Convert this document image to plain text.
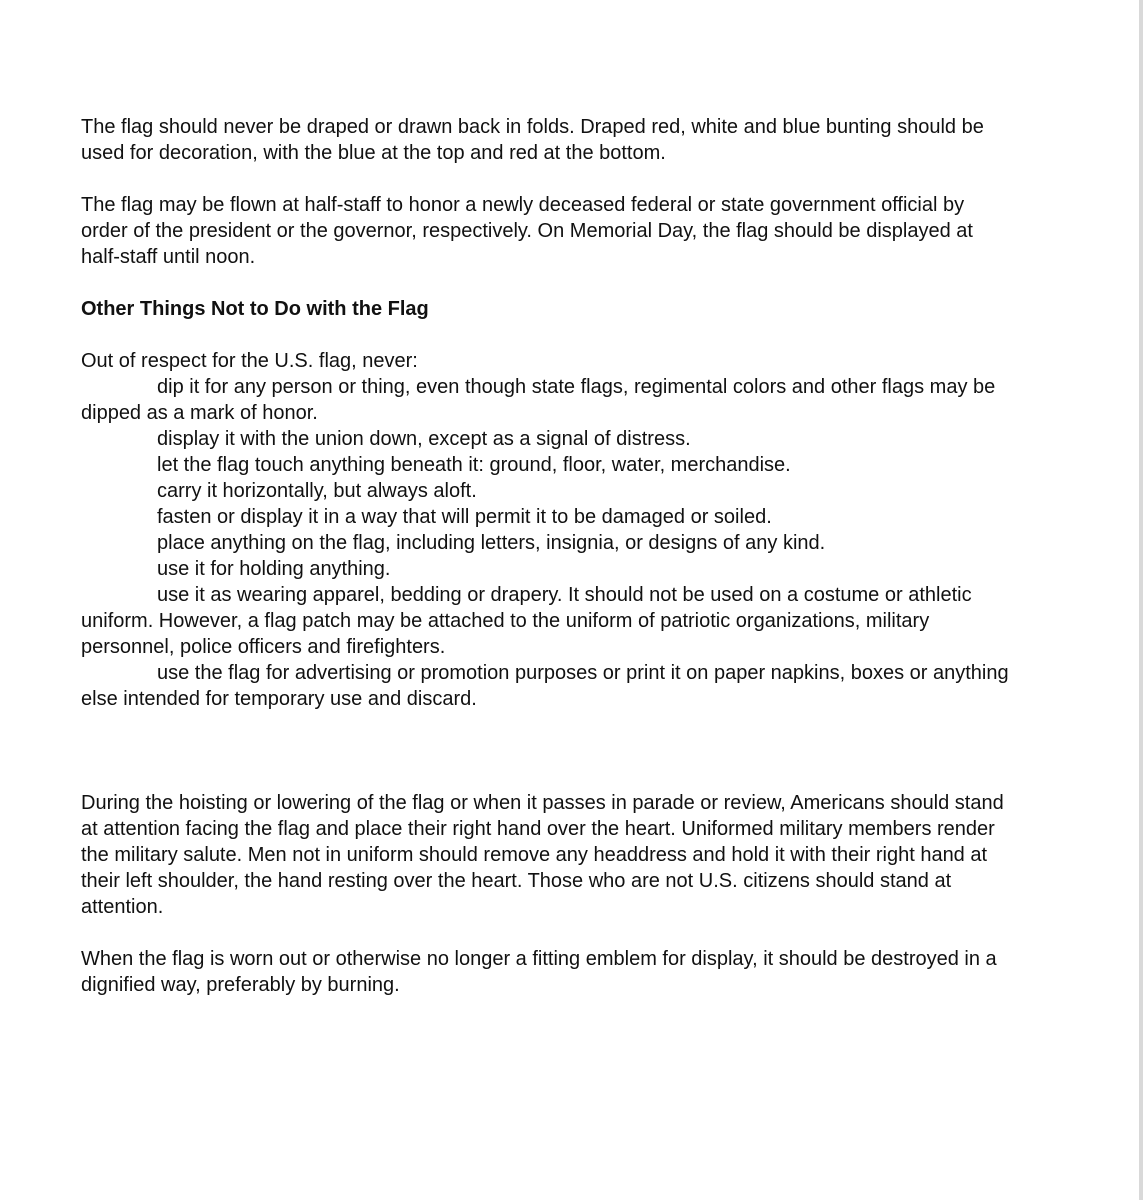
The flag should never be draped or drawn back in folds. Draped red, white and blue bunting should be used for decoration, with the blue at the top and red at the bottom.

The flag may be flown at half-staff to honor a newly deceased federal or state government official by order of the president or the governor, respectively. On Memorial Day, the flag should be displayed at half-staff until noon.

Other Things Not to Do with the Flag

Out of respect for the U.S. flag, never:

dip it for any person or thing, even though state flags, regimental colors and other flags may be dipped as a mark of honor.

display it with the union down, except as a signal of distress.

let the flag touch anything beneath it: ground, floor, water, merchandise.

carry it horizontally, but always aloft.

fasten or display it in a way that will permit it to be damaged or soiled.

place anything on the flag, including letters, insignia, or designs of any kind.

use it for holding anything.

use it as wearing apparel, bedding or drapery. It should not be used on a costume or athletic uniform. However, a flag patch may be attached to the uniform of patriotic organizations, military personnel, police officers and firefighters.

use the flag for advertising or promotion purposes or print it on paper napkins, boxes or anything else intended for temporary use and discard.

During the hoisting or lowering of the flag or when it passes in parade or review, Americans should stand at attention facing the flag and place their right hand over the heart. Uniformed military members render the military salute. Men not in uniform should remove any headdress and hold it with their right hand at their left shoulder, the hand resting over the heart. Those who are not U.S. citizens should stand at attention.

When the flag is worn out or otherwise no longer a fitting emblem for display, it should be destroyed in a dignified way, preferably by burning.
